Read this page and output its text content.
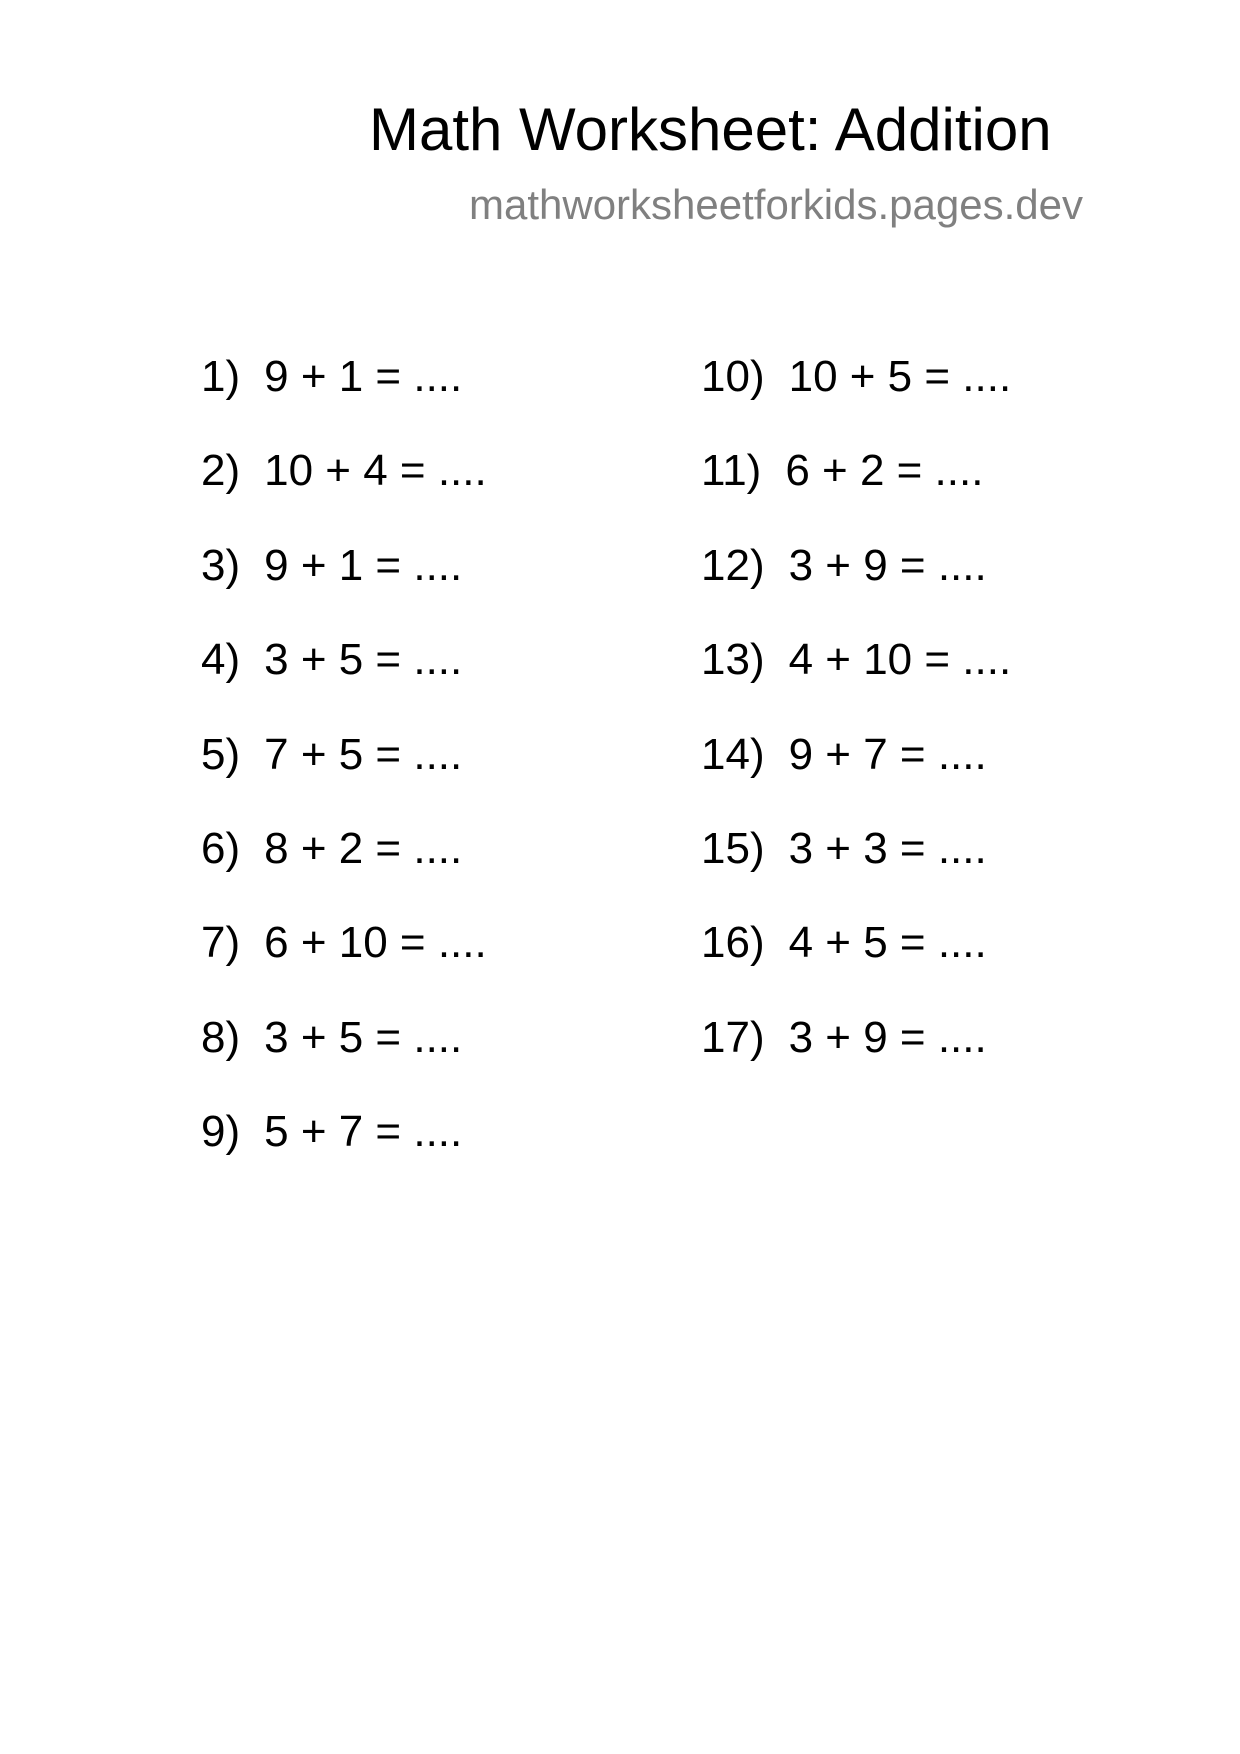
Math Worksheet: Addition
mathworksheetforkids.pages.dev
1) 9 + 1 = ....
2) 10 + 4 = ....
3) 9 + 1 = ....
4) 3 + 5 = ....
5) 7 + 5 = ....
6) 8 + 2 = ....
7) 6 + 10 = ....
8) 3 + 5 = ....
9) 5 + 7 = ....
10) 10 + 5 = ....
11) 6 + 2 = ....
12) 3 + 9 = ....
13) 4 + 10 = ....
14) 9 + 7 = ....
15) 3 + 3 = ....
16) 4 + 5 = ....
17) 3 + 9 = ....
